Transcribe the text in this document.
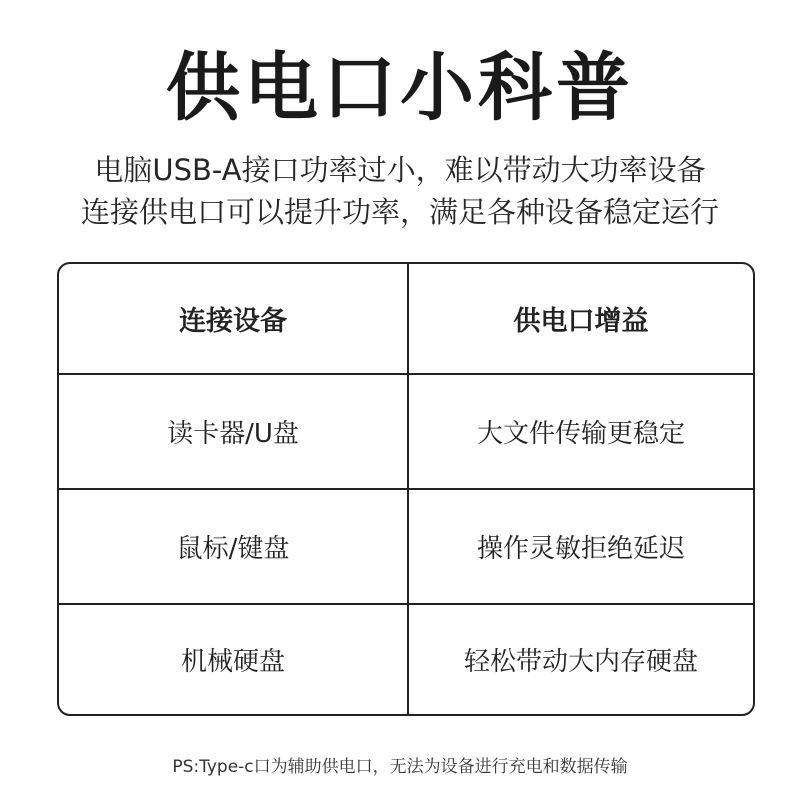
供电口小科普
电脑USB-A接口功率过小，难以带动大功率设备
连接供电口可以提升功率，满足各种设备稳定运行
连接设备	供电口增益
读卡器/U盘	大文件传输更稳定
鼠标/键盘	操作灵敏拒绝延迟
机械硬盘	轻松带动大内存硬盘
PS:Type-c口为辅助供电口，无法为设备进行充电和数据传输
